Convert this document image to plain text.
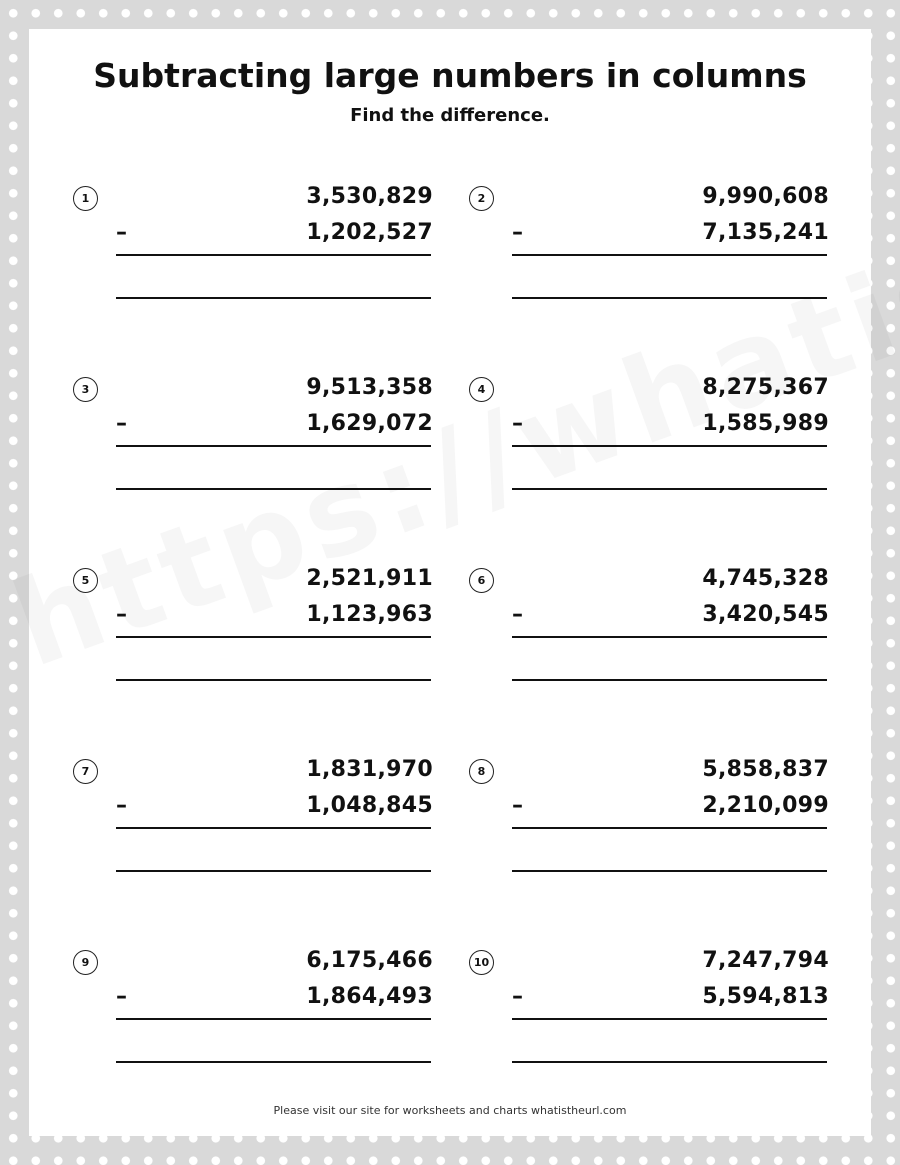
Subtracting large numbers in columns
Find the difference.
1	3,530,829
–	1,202,527
2	9,990,608
–	7,135,241
3	9,513,358
–	1,629,072
4	8,275,367
–	1,585,989
5	2,521,911
–	1,123,963
6	4,745,328
–	3,420,545
7	1,831,970
–	1,048,845
8	5,858,837
–	2,210,099
9	6,175,466
–	1,864,493
10	7,247,794
–	5,594,813
Please visit our site for worksheets and charts whatistheurl.com
